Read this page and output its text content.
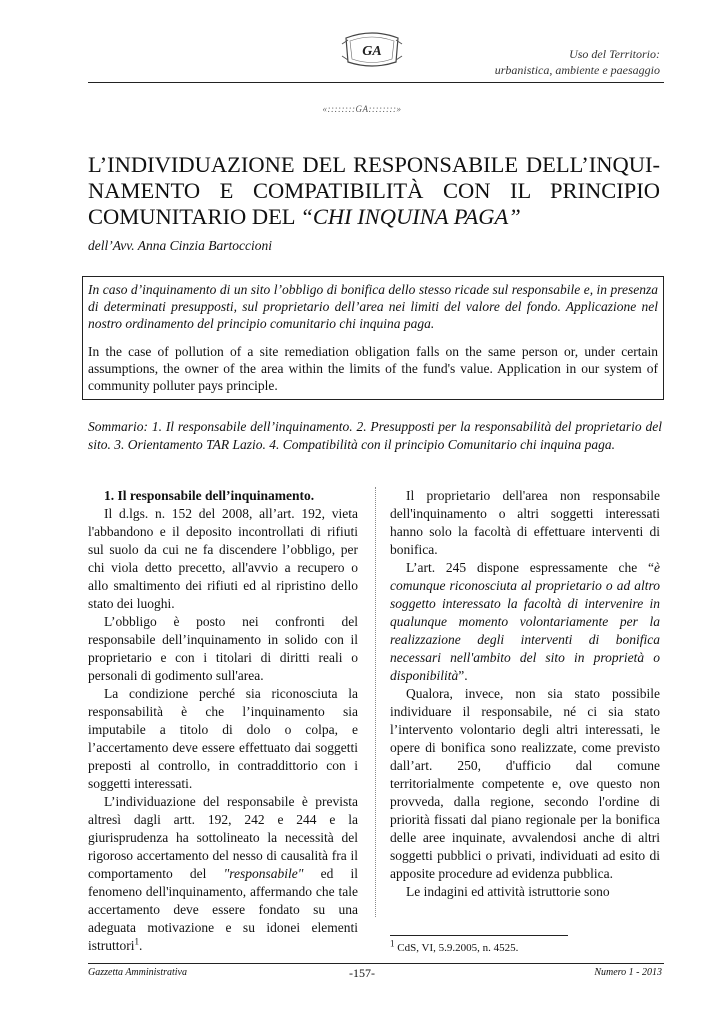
GA	Uso del Territorio:
urbanistica, ambiente e paesaggio
«::::::::GA::::::::»
L’INDIVIDUAZIONE DEL RESPONSABILE DELL’INQUINAMENTO E COMPATIBILITÀ CON IL PRINCIPIO COMUNITARIO DEL “CHI INQUINA PAGA”
dell’Avv. Anna Cinzia Bartoccioni

In caso d’inquinamento di un sito l’obbligo di bonifica dello stesso ricade sul responsabile e, in presenza di determinati presupposti, sul proprietario dell’area nei limiti del valore del fondo. Applicazione nel nostro ordinamento del principio comunitario chi inquina paga.

In the case of pollution of a site remediation obligation falls on the same person or, under certain assumptions, the owner of the area within the limits of the fund's value. Application in our system of community polluter pays principle.

Sommario: 1. Il responsabile dell’inquinamento. 2. Presupposti per la responsabilità del proprietario del sito. 3. Orientamento TAR Lazio. 4. Compatibilità con il principio Comunitario chi inquina paga.

1. Il responsabile dell’inquinamento.

Il d.lgs. n. 152 del 2008, all’art. 192, vieta l'abbandono e il deposito incontrollati di rifiuti sul suolo da cui ne fa discendere l’obbligo, per chi viola detto precetto, all'avvio a recupero o allo smaltimento dei rifiuti ed al ripristino dello stato dei luoghi.

L’obbligo è posto nei confronti del responsabile dell’inquinamento in solido con il proprietario e con i titolari di diritti reali o personali di godimento sull'area.

La condizione perché sia riconosciuta la responsabilità è che l’inquinamento sia imputabile a titolo di dolo o colpa, e l’accertamento deve essere effettuato dai soggetti preposti al controllo, in contraddittorio con i soggetti interessati.

L’individuazione del responsabile è prevista altresì dagli artt. 192, 242 e 244 e la giurisprudenza ha sottolineato la necessità del rigoroso accertamento del nesso di causalità fra il comportamento del "responsabile" ed il fenomeno dell'inquinamento, affermando che tale accertamento deve essere fondato su una adeguata motivazione e su idonei elementi istruttori$^1$.

Il proprietario dell'area non responsabile dell'inquinamento o altri soggetti interessati hanno solo la facoltà di effettuare interventi di bonifica.

L’art. 245 dispone espressamente che “è comunque riconosciuta al proprietario o ad altro soggetto interessato la facoltà di intervenire in qualunque momento volontariamente per la realizzazione degli interventi di bonifica necessari nell'ambito del sito in proprietà o disponibilità”.

Qualora, invece, non sia stato possibile individuare il responsabile, né ci sia stato l’intervento volontario degli altri interessati, le opere di bonifica sono realizzate, come previsto dall’art. 250, d'ufficio dal comune territorialmente competente e, ove questo non provveda, dalla regione, secondo l'ordine di priorità fissati dal piano regionale per la bonifica delle aree inquinate, avvalendosi anche di altri soggetti pubblici o privati, individuati ad esito di apposite procedure ad evidenza pubblica.

Le indagini ed attività istruttorie sono

$^1$ CdS, VI, 5.9.2005, n. 4525.
Gazzetta Amministrativa	-157-	Numero 1 - 2013
